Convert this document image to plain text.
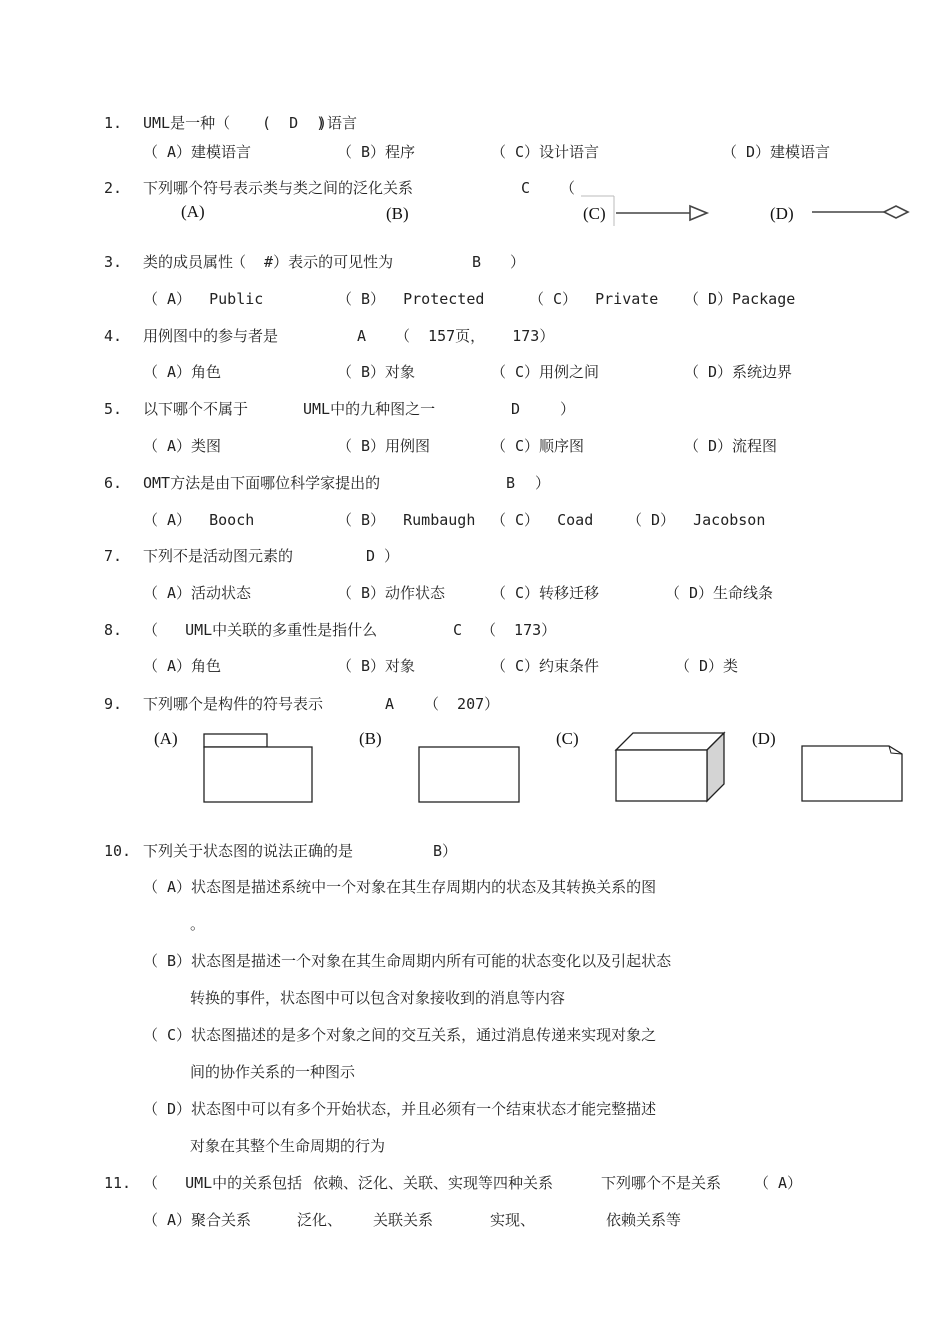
1. UML是一种（ (  D  )
)语言
（ A）建模语言	（ B）程序	（ C）设计语言	（ D）建模语言
2. 下列哪个符号表示类与类之间的泛化关系	C （
(A)	(B)	(C)	(D)
3. 类的成员属性
（  #）表示的可见性为	B ）
（ A）  Public	（ B）  Protected	（ C）  Private （ D）Package
4. 用例图中的参与者是	A （  157页，   173）
（ A）角色	（ B）对象	（ C）用例之间	（ D）系统边界
5. 以下哪个不属于	UML中的九种图之一	D	）
（ A）类图	（ B）用例图	（ C）顺序图	（ D）流程图
6. OMT方法是由下面哪位科学家提出的	B ）
（ A）  Booch	（ B）  Rumbaugh （ C）  Coad （ D）  Jacobson
7. 下列不是活动图元素的	D ）
（ A）活动状态	（ B）动作状态	（ C）转移迁移	（ D）生命线条
8. （   UML中关联的多重性是指什么	C （  173）
（ A）角色	（ B）对象	（ C）约束条件	（ D）类
9. 下列哪个是构件的符号表示	A （  207）
(A)	(B)	(C)	(D)
10. 下列关于状态图的说法正确的是	B）
（ A）状态图是描述系统中一个对象在其生存周期内的状态及其转换关系的图
。
（ B）状态图是描述一个对象在其生命周期内所有可能的状态变化以及引起状态
转换的事件，状态图中可以包含对象接收到的消息等内容
（ C）状态图描述的是多个对象之间的交互关系，通过消息传递来实现对象之
间的协作关系的一种图示
（ D）状态图中可以有多个开始状态，并且必须有一个结束状态才能完整描述
对象在其整个生命周期的行为
11. （   UML中的关系包括 依赖、泛化、关联、实现等四种关系	下列哪个不是关系 （ A）
（ A）聚合关系	泛化、 关联关系	实现、	依赖关系等
